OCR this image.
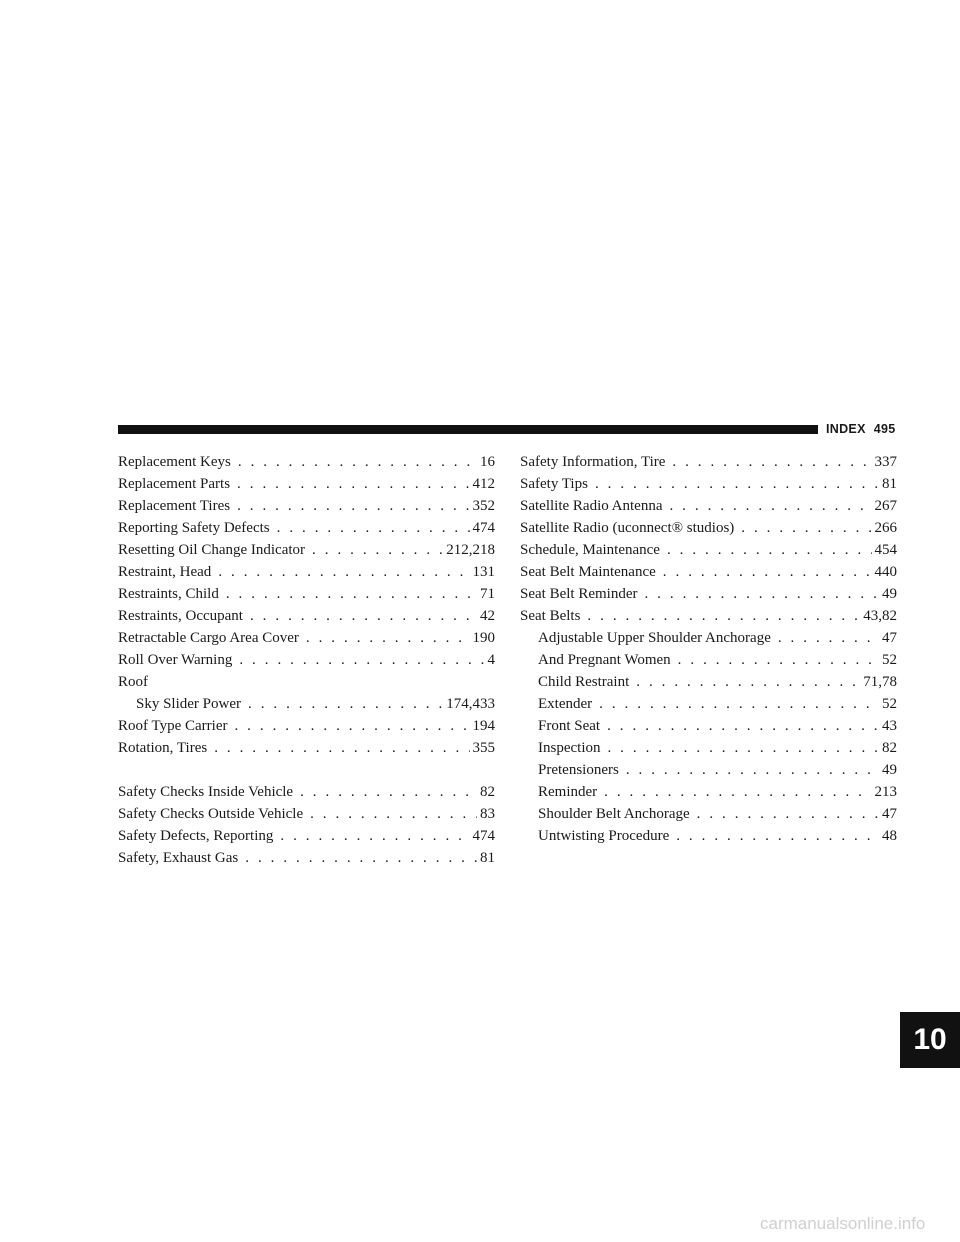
INDEX 495
Replacement Keys . . .	16
Replacement Parts . . .	412
Replacement Tires . . .	352
Reporting Safety Defects . . .	474
Resetting Oil Change Indicator . . .	212,218
Restraint, Head . . .	131
Restraints, Child . . .	71
Restraints, Occupant . . .	42
Retractable Cargo Area Cover . . .	190
Roll Over Warning . . .	4
Roof
Sky Slider Power . . .	174,433
Roof Type Carrier . . .	194
Rotation, Tires . . .	355
Safety Checks Inside Vehicle . . .	82
Safety Checks Outside Vehicle . . .	83
Safety Defects, Reporting . . .	474
Safety, Exhaust Gas . . .	81
Safety Information, Tire . . .	337
Safety Tips . . .	81
Satellite Radio Antenna . . .	267
Satellite Radio (uconnect® studios) . . .	266
Schedule, Maintenance . . .	454
Seat Belt Maintenance . . .	440
Seat Belt Reminder . . .	49
Seat Belts . . .	43,82
Adjustable Upper Shoulder Anchorage . . .	47
And Pregnant Women . . .	52
Child Restraint . . .	71,78
Extender . . .	52
Front Seat . . .	43
Inspection . . .	82
Pretensioners . . .	49
Reminder . . .	213
Shoulder Belt Anchorage . . .	47
Untwisting Procedure . . .	48
10
carmanualsonline.info
